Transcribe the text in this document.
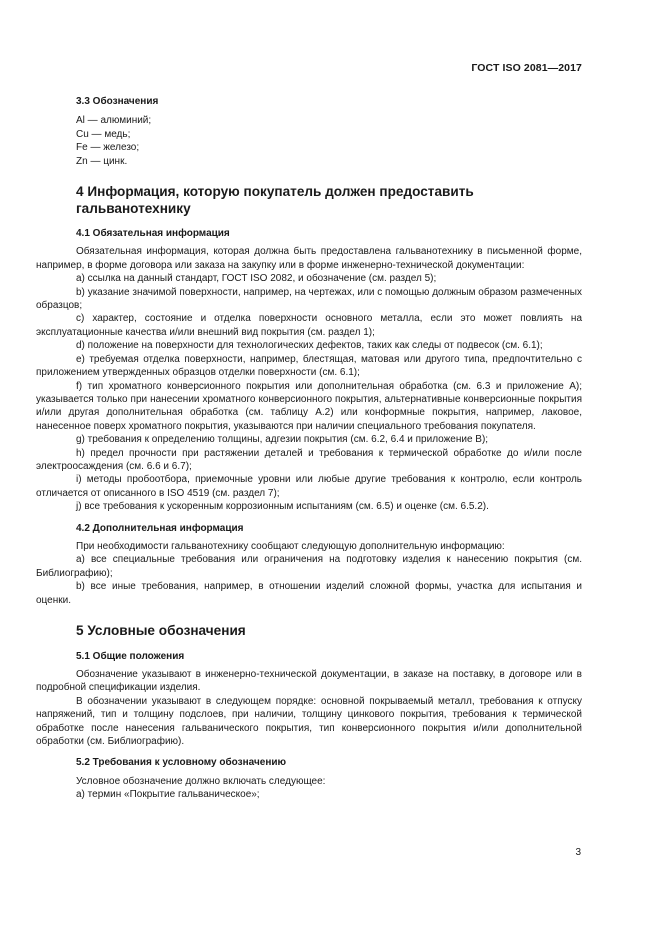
ГОСТ ISO 2081—2017
3.3 Обозначения

Al — алюминий;

Cu — медь;

Fe — железо;

Zn — цинк.

4 Информация, которую покупатель должен предоставить
гальванотехнику
4.1 Обязательная информация

Обязательная информация, которая должна быть предоставлена гальванотехнику в письменной форме, например, в форме договора или заказа на закупку или в форме инженерно-технической документации:

a) ссылка на данный стандарт, ГОСТ ISO 2082, и обозначение (см. раздел 5);

b) указание значимой поверхности, например, на чертежах, или с помощью должным образом размеченных образцов;

c) характер, состояние и отделка поверхности основного металла, если это может повлиять на эксплуатационные качества и/или внешний вид покрытия (см. раздел 1);

d) положение на поверхности для технологических дефектов, таких как следы от подвесок (см. 6.1);

e) требуемая отделка поверхности, например, блестящая, матовая или другого типа, предпочтительно с приложением утвержденных образцов отделки поверхности (см. 6.1);

f) тип хроматного конверсионного покрытия или дополнительная обработка (см. 6.3 и приложение А); указывается только при нанесении хроматного конверсионного покрытия, альтернативные конверсионные покрытия и/или другая дополнительная обработка (см. таблицу А.2) или конформные покрытия, например, лаковое, нанесенное поверх хроматного покрытия, указываются при наличии специального требования покупателя.

g) требования к определению толщины, адгезии покрытия (см. 6.2, 6.4 и приложение В);

h) предел прочности при растяжении деталей и требования к термической обработке до и/или после электроосаждения (см. 6.6 и 6.7);

i) методы пробоотбора, приемочные уровни или любые другие требования к контролю, если контроль отличается от описанного в ISO 4519 (см. раздел 7);

j) все требования к ускоренным коррозионным испытаниям (см. 6.5) и оценке (см. 6.5.2).

4.2 Дополнительная информация

При необходимости гальванотехнику сообщают следующую дополнительную информацию:

a) все специальные требования или ограничения на подготовку изделия к нанесению покрытия (см. Библиографию);

b) все иные требования, например, в отношении изделий сложной формы, участка для испытания и оценки.

5 Условные обозначения
5.1 Общие положения

Обозначение указывают в инженерно-технической документации, в заказе на поставку, в договоре или в подробной спецификации изделия.

В обозначении указывают в следующем порядке: основной покрываемый металл, требования к отпуску напряжений, тип и толщину подслоев, при наличии, толщину цинкового покрытия, требования к термической обработке после нанесения гальванического покрытия, тип конверсионного покрытия и/или дополнительной обработки (см. Библиографию).

5.2 Требования к условному обозначению

Условное обозначение должно включать следующее:

a) термин «Покрытие гальваническое»;

3
